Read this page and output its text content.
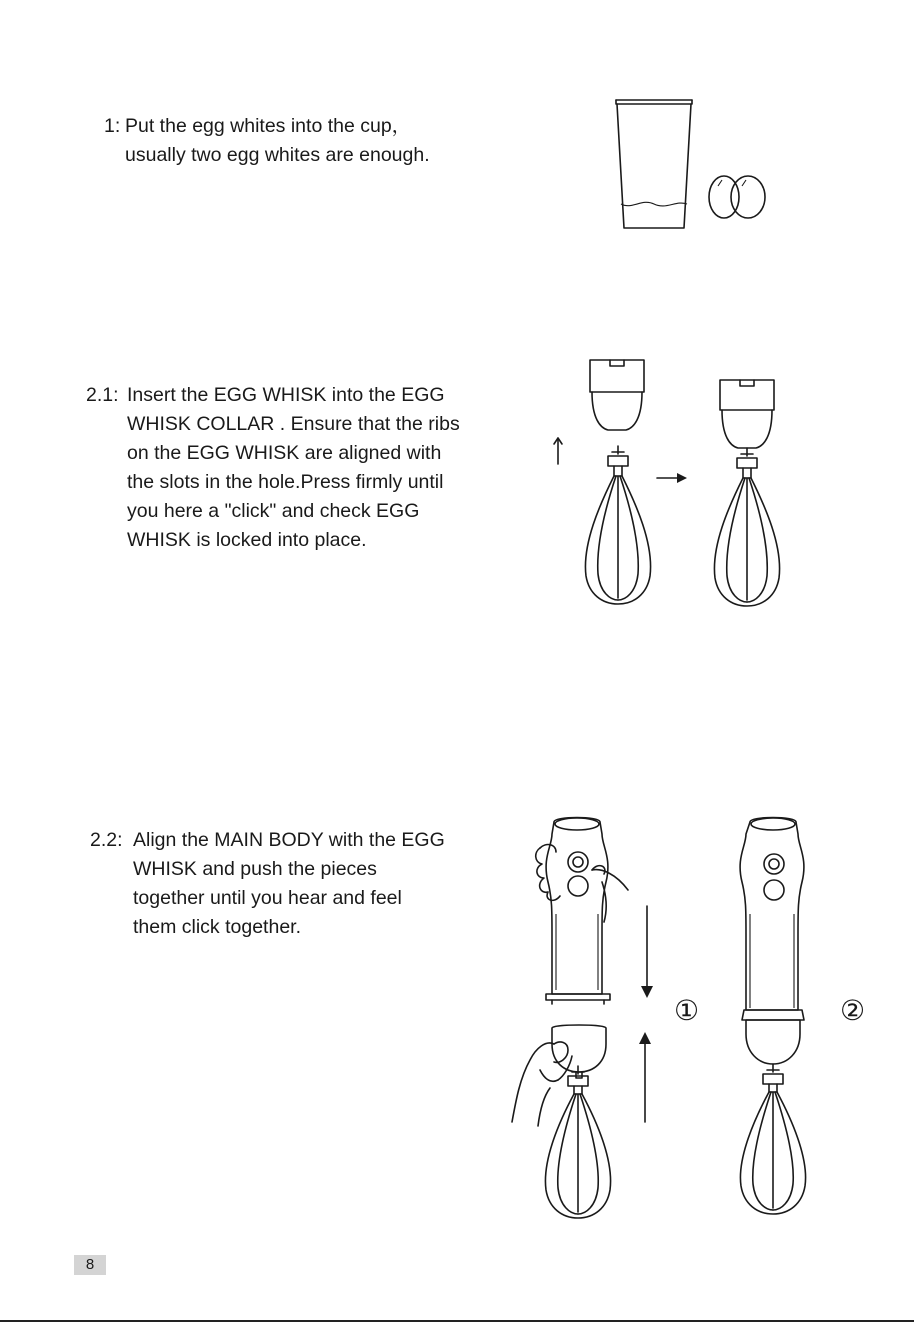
1: Put the egg whites into the cup，
usually two egg whites are enough.
2.1: Insert the EGG WHISK into the EGG
WHISK COLLAR . Ensure that the ribs
on the EGG WHISK are aligned with
the slots in the hole.Press firmly until
you here a "click" and check EGG
WHISK is locked into place.
2.2: Align the MAIN BODY with the EGG
WHISK and push the pieces
together until you hear and feel
them click together.
①	②
8
